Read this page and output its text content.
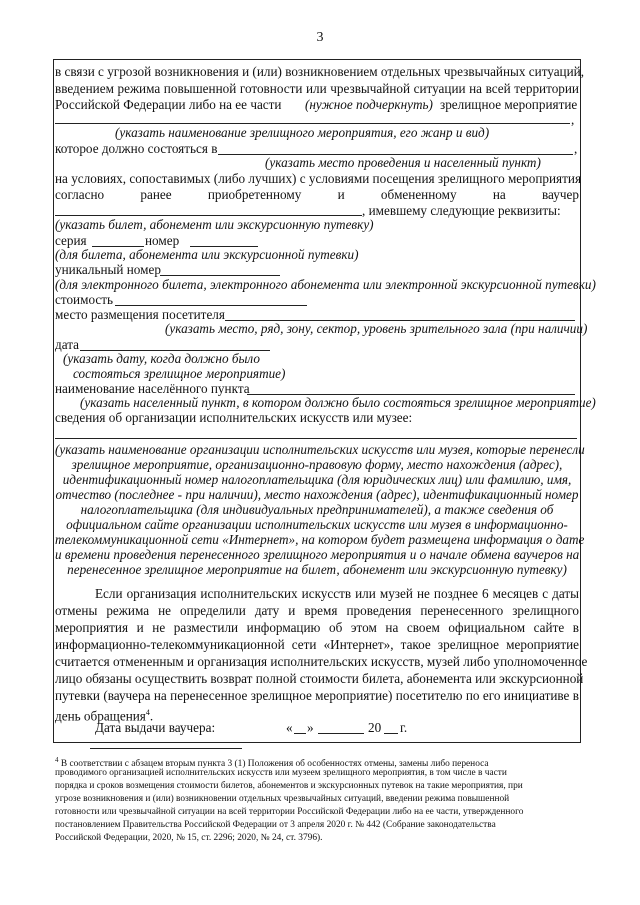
3
в связи с угрозой возникновения и (или) возникновением отдельных чрезвычайных ситуаций,
введением режима повышенной готовности или чрезвычайной ситуации на всей территории
Российской Федерации либо на ее части (нужное подчеркнуть) зрелищное мероприятие
,
(указать наименование зрелищного мероприятия, его жанр и вид)
которое должно состояться в	,
(указать место проведения и населенный пункт)
на условиях, сопоставимых (либо лучших) с условиями посещения зрелищного мероприятия
согласно	ранее	приобретенному	и	обмененному	на	ваучер
, имевшему следующие реквизиты:
(указать билет, абонемент или экскурсионную путевку)
серия	номер
(для билета, абонемента или экскурсионной путевки)
уникальный номер
(для электронного билета, электронного абонемента или электронной экскурсионной путевки)
стоимость
место размещения посетителя
(указать место, ряд, зону, сектор, уровень зрительного зала (при наличии)
дата
(указать дату, когда должно было
состояться зрелищное мероприятие)
наименование населённого пункта
(указать населенный пункт, в котором должно было состояться зрелищное мероприятие)
сведения об организации исполнительских искусств или музее:
(указать наименование организации исполнительских искусств или музея, которые перенесли
зрелищное мероприятие, организационно-правовую форму, место нахождения (адрес),
идентификационный номер налогоплательщика (для юридических лиц) или фамилию, имя,
отчество (последнее - при наличии), место нахождения (адрес), идентификационный номер
налогоплательщика (для индивидуальных предпринимателей), а также сведения об
официальном сайте организации исполнительских искусств или музея в информационно-
телекоммуникационной сети «Интернет», на котором будет размещена информация о дате
и времени проведения перенесенного зрелищного мероприятия и о начале обмена ваучеров на
перенесенное зрелищное мероприятие на билет, абонемент или экскурсионную путевку)
Если организация исполнительских искусств или музей не позднее 6 месяцев с даты
отмены режима не определили дату и время проведения перенесенного зрелищного
мероприятия и не разместили информацию об этом на своем официальном сайте в
информационно-телекоммуникационной сети «Интернет», такое зрелищное мероприятие
считается отмененным и организация исполнительских искусств, музей либо уполномоченное
лицо обязаны осуществить возврат полной стоимости билета, абонемента или экскурсионной
путевки (ваучера на перенесенное зрелищное мероприятие) посетителю по его инициативе в
день обращения$^4$.
Дата выдачи ваучера:	« »	20 г.
$^4$ В соответствии с абзацем вторым пункта 3 (1) Положения об особенностях отмены, замены либо переноса
проводимого организацией исполнительских искусств или музеем зрелищного мероприятия, в том числе в части
порядка и сроков возмещения стоимости билетов, абонементов и экскурсионных путевок на такие мероприятия, при
угрозе возникновения и (или) возникновении отдельных чрезвычайных ситуаций, введении режима повышенной
готовности или чрезвычайной ситуации на всей территории Российской Федерации либо на ее части, утвержденного
постановлением Правительства Российской Федерации от 3 апреля 2020 г. № 442 (Собрание законодательства
Российской Федерации, 2020, № 15, ст. 2296; 2020, № 24, ст. 3796).
